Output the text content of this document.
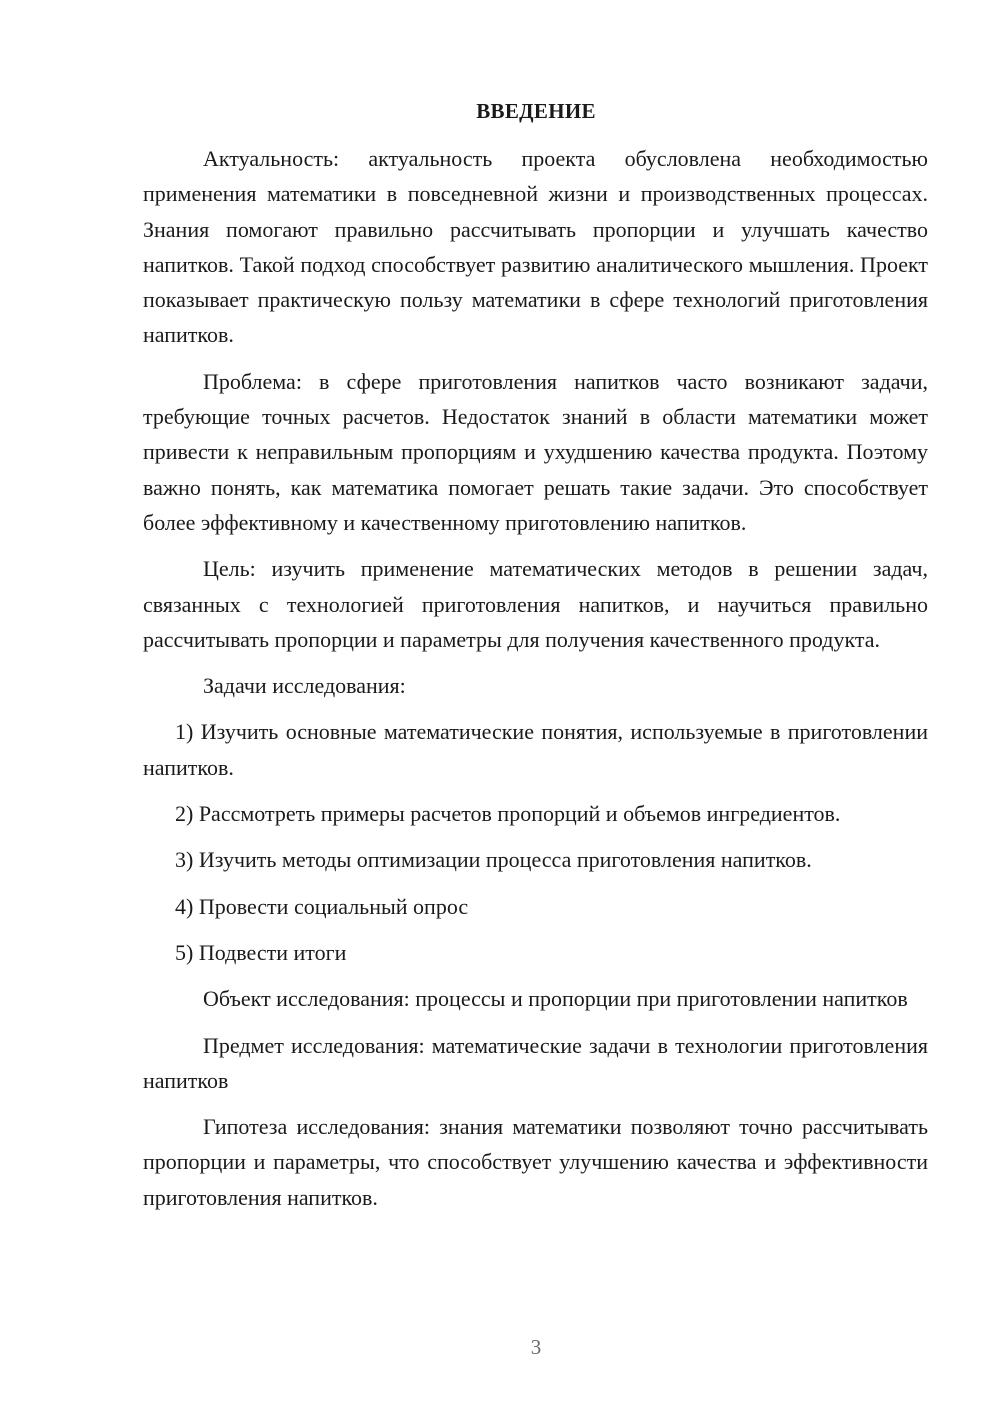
ВВЕДЕНИЕ

Актуальность: актуальность проекта обусловлена необходимостью применения математики в повседневной жизни и производственных процессах. Знания помогают правильно рассчитывать пропорции и улучшать качество напитков. Такой подход способствует развитию аналитического мышления. Проект показывает практическую пользу математики в сфере технологий приготовления напитков.

Проблема: в сфере приготовления напитков часто возникают задачи, требующие точных расчетов. Недостаток знаний в области математики может привести к неправильным пропорциям и ухудшению качества продукта. Поэтому важно понять, как математика помогает решать такие задачи. Это способствует более эффективному и качественному приготовлению напитков.

Цель: изучить применение математических методов в решении задач, связанных с технологией приготовления напитков, и научиться правильно рассчитывать пропорции и параметры для получения качественного продукта.

Задачи исследования:

1) Изучить основные математические понятия, используемые в приготовлении напитков.

2) Рассмотреть примеры расчетов пропорций и объемов ингредиентов.

3) Изучить методы оптимизации процесса приготовления напитков.

4) Провести социальный опрос

5) Подвести итоги

Объект исследования: процессы и пропорции при приготовлении напитков

Предмет исследования: математические задачи в технологии приготовления напитков

Гипотеза исследования: знания математики позволяют точно рассчитывать пропорции и параметры, что способствует улучшению качества и эффективности приготовления напитков.

3
